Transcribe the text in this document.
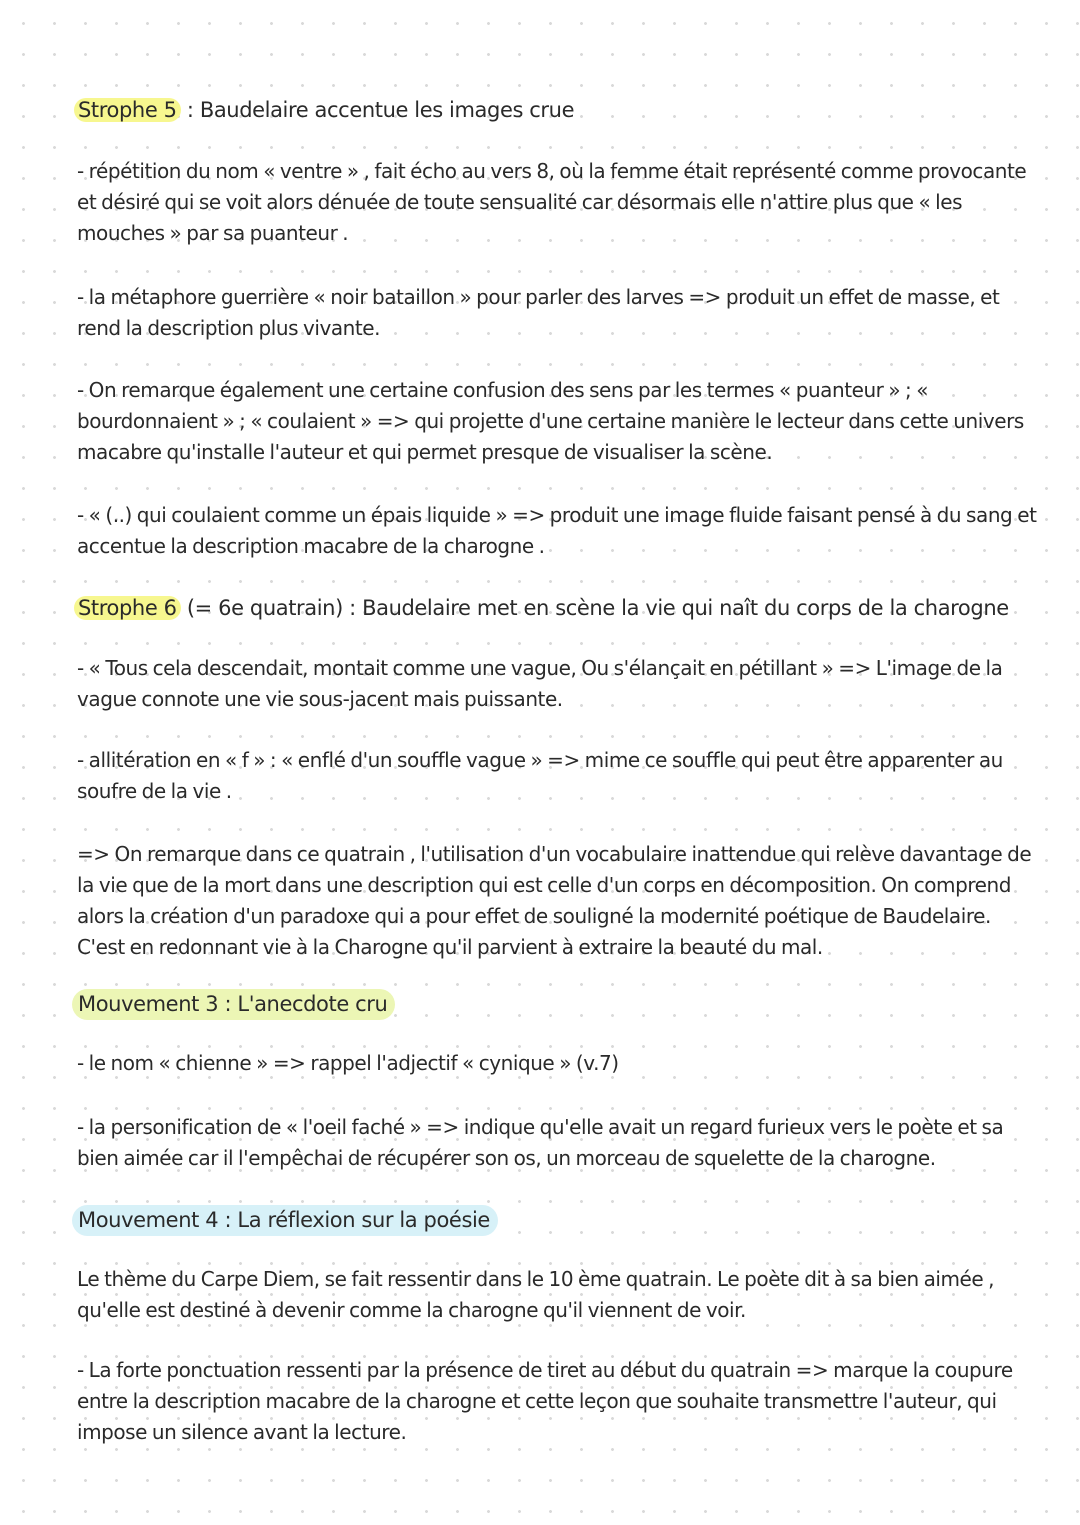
Strophe 5 : Baudelaire accentue les images crue
- répétition du nom « ventre » , fait écho au vers 8, où la femme était représenté comme provocante et désiré qui se voit alors dénuée de toute sensualité car désormais elle n'attire plus que « les mouches » par sa puanteur .
- la métaphore guerrière « noir bataillon » pour parler des larves => produit un effet de masse, et rend la description plus vivante.
- On remarque également une certaine confusion des sens par les termes « puanteur » ; « bourdonnaient » ; « coulaient » => qui projette d'une certaine manière le lecteur dans cette univers macabre qu'installe l'auteur et qui permet presque de visualiser la scène.
- « (..) qui coulaient comme un épais liquide » => produit une image fluide faisant pensé à du sang et accentue la description macabre de la charogne .
Strophe 6 (= 6e quatrain) : Baudelaire met en scène la vie qui naît du corps de la charogne
- « Tous cela descendait, montait comme une vague, Ou s'élançait en pétillant » => L'image de la vague connote une vie sous-jacent mais puissante.
- allitération en « f » : « enflé d'un souffle vague » => mime ce souffle qui peut être apparenter au soufre de la vie .
=> On remarque dans ce quatrain , l'utilisation d'un vocabulaire inattendue qui relève davantage de la vie que de la mort dans une description qui est celle d'un corps en décomposition. On comprend alors la création d'un paradoxe qui a pour effet de souligné la modernité poétique de Baudelaire. C'est en redonnant vie à la Charogne qu'il parvient à extraire la beauté du mal.
Mouvement 3 : L'anecdote cru
- le nom « chienne » => rappel l'adjectif « cynique » (v.7)
- la personification de « l'oeil faché » => indique qu'elle avait un regard furieux vers le poète et sa bien aimée car il l'empêchai de récupérer son os, un morceau de squelette de la charogne.
Mouvement 4 : La réflexion sur la poésie
Le thème du Carpe Diem, se fait ressentir dans le 10 ème quatrain. Le poète dit à sa bien aimée , qu'elle est destiné à devenir comme la charogne qu'il viennent de voir.
- La forte ponctuation ressenti par la présence de tiret au début du quatrain => marque la coupure entre la description macabre de la charogne et cette leçon que souhaite transmettre l'auteur, qui impose un silence avant la lecture.
